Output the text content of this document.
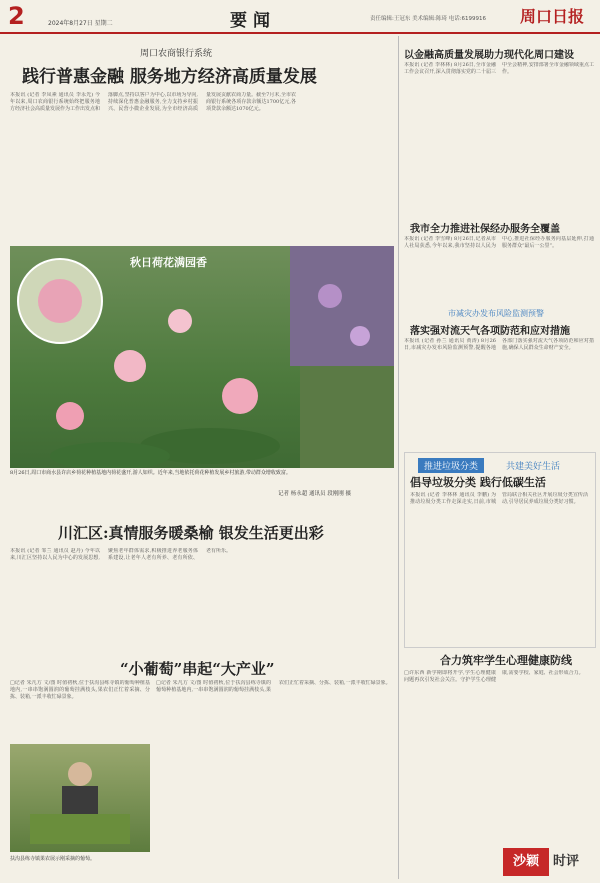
2	2024年8月27日 星期二	要闻	责任编辑:王冠东 美术编辑:陈琦 电话:6199916 周口日报
周口农商银行系统
践行普惠金融 服务地方经济高质量发展
本报讯 (记者 李凤素 通讯员 李永光) 今年以来,周口农商银行系统始终把服务地方经济社会高质量发展作为工作出发点和落脚点,坚持以客户为中心,以市场为导向,持续深化普惠金融服务,全力支持乡村振兴、民营小微企业发展,为全市经济高质量发展贡献农商力量。截至7月末,全市农商银行系统各项存款余额达1700亿元,各项贷款余额达1070亿元。
秋日荷花满园香
8月26日,周口市商水县许店乡荷花种植基地内荷花盛开,游人如织。近年来,当地依托荷花种植发展乡村旅游,带动群众增收致富。
记者 杨永超 通讯员 段刚刚 摄
川汇区:真情服务暖桑榆 银发生活更出彩
本报讯 (记者 邹兰 通讯员 赵丹) 今年以来,川汇区坚持以人民为中心的发展思想,聚焦老年群体需求,积极推进养老服务体系建设,让老年人老有所养、老有所依、老有所乐。
“小葡萄”串起“大产业”
□记者 朱凡方 文/图 时值初秋,位于扶沟县练寺镇的葡萄种植基地内,一串串饱满圆润的葡萄挂满枝头,果农们正忙着采摘、分拣、装箱,一派丰收忙碌景象。
扶沟县练寺镇果农展示刚采摘的葡萄。
□记者 朱凡方 文/图 时值初秋,位于扶沟县练寺镇的葡萄种植基地内,一串串饱满圆润的葡萄挂满枝头,果农们正忙着采摘、分拣、装箱,一派丰收忙碌景象。
以金融高质量发展助力现代化周口建设
本报讯 (记者 李林林) 8月26日,全市金融工作会议召开,深入贯彻落实党的二十届三中全会精神,安排部署全市金融领域重点工作。
我市全力推进社保经办服务全覆盖
本报讯 (记者 李雪峰) 8月26日,记者从市人社局获悉,今年以来,我市坚持以人民为中心,推进社保经办服务向基层延伸,打通服务群众“最后一公里”。
市减灾办发布风险监测预警
落实强对流天气各项防范和应对措施
本报讯 (记者 孙兰 通讯员 黄涛) 8月26日,市减灾办发布风险监测预警,提醒各地各部门落实强对流天气各项防范和应对措施,确保人民群众生命财产安全。
推进垃圾分类	共建美好生活
倡导垃圾分类 践行低碳生活
本报讯 (记者 李林林 通讯员 李鹏) 为推动垃圾分类工作走深走实,日前,市城管局联合相关社区开展垃圾分类宣传活动,引导居民养成垃圾分类好习惯。
合力筑牢学生心理健康防线
□许东西 新学期即将开学,学生心理健康问题再次引发社会关注。守护学生心理健康,需要学校、家庭、社会形成合力。
沙颖	时评
